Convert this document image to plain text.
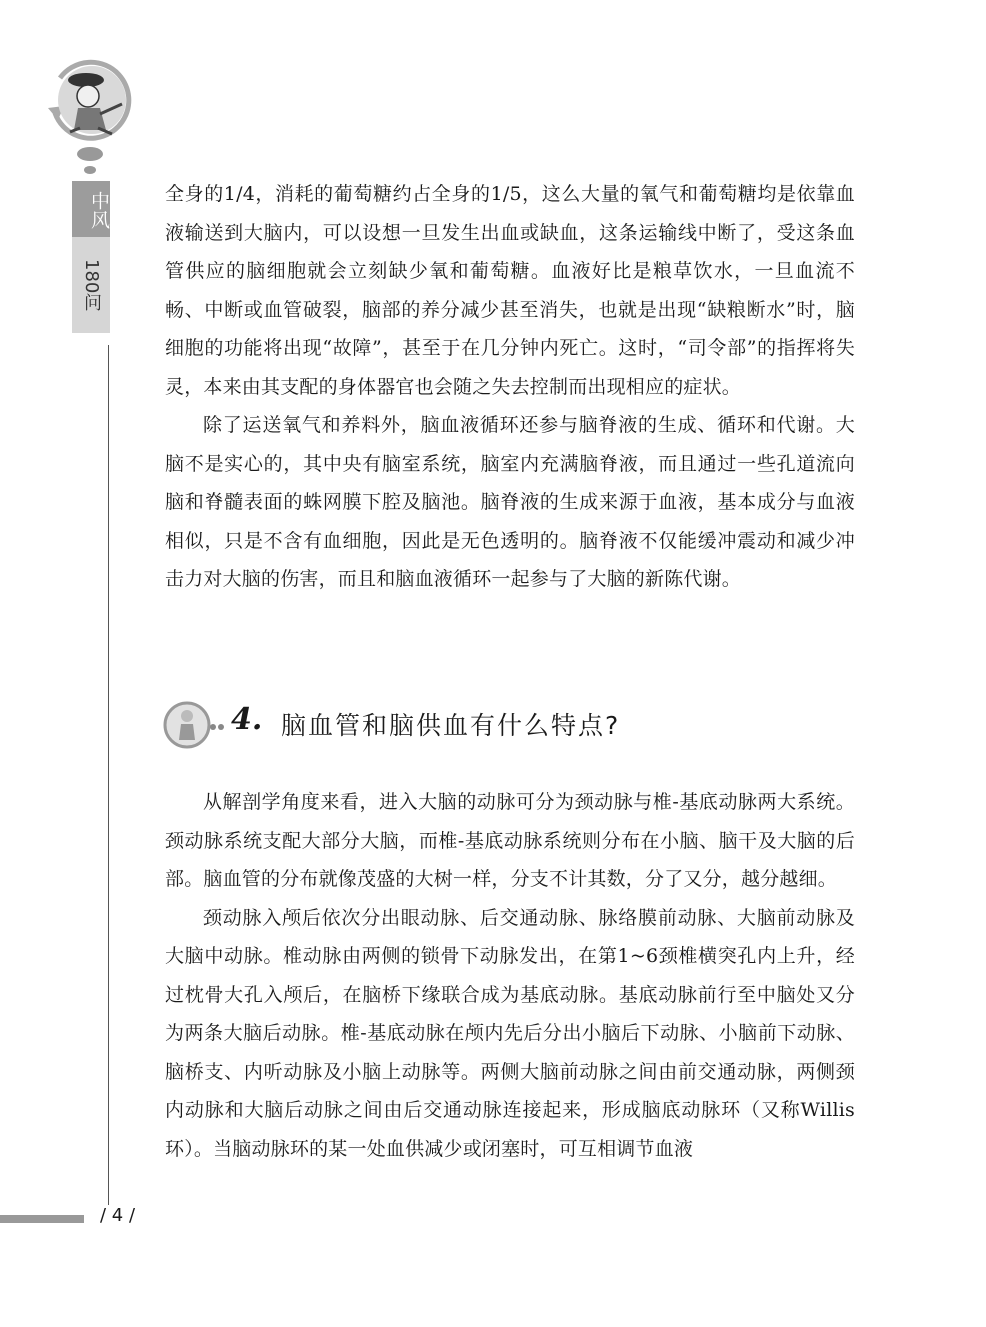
中风
180问

全身的1/4，消耗的葡萄糖约占全身的1/5，这么大量的氧气和葡萄糖均是依靠血液输送到大脑内，可以设想一旦发生出血或缺血，这条运输线中断了，受这条血管供应的脑细胞就会立刻缺少氧和葡萄糖。血液好比是粮草饮水，一旦血流不畅、中断或血管破裂，脑部的养分减少甚至消失，也就是出现“缺粮断水”时，脑细胞的功能将出现“故障”，甚至于在几分钟内死亡。这时，“司令部”的指挥将失灵，本来由其支配的身体器官也会随之失去控制而出现相应的症状。

除了运送氧气和养料外，脑血液循环还参与脑脊液的生成、循环和代谢。大脑不是实心的，其中央有脑室系统，脑室内充满脑脊液，而且通过一些孔道流向脑和脊髓表面的蛛网膜下腔及脑池。脑脊液的生成来源于血液，基本成分与血液相似，只是不含有血细胞，因此是无色透明的。脑脊液不仅能缓冲震动和减少冲击力对大脑的伤害，而且和脑血液循环一起参与了大脑的新陈代谢。

4. 脑血管和脑供血有什么特点?

从解剖学角度来看，进入大脑的动脉可分为颈动脉与椎-基底动脉两大系统。颈动脉系统支配大部分大脑，而椎-基底动脉系统则分布在小脑、脑干及大脑的后部。脑血管的分布就像茂盛的大树一样，分支不计其数，分了又分，越分越细。

颈动脉入颅后依次分出眼动脉、后交通动脉、脉络膜前动脉、大脑前动脉及大脑中动脉。椎动脉由两侧的锁骨下动脉发出，在第1~6颈椎横突孔内上升，经过枕骨大孔入颅后，在脑桥下缘联合成为基底动脉。基底动脉前行至中脑处又分为两条大脑后动脉。椎-基底动脉在颅内先后分出小脑后下动脉、小脑前下动脉、脑桥支、内听动脉及小脑上动脉等。两侧大脑前动脉之间由前交通动脉，两侧颈内动脉和大脑后动脉之间由后交通动脉连接起来，形成脑底动脉环（又称Willis环）。当脑动脉环的某一处血供减少或闭塞时，可互相调节血液

/ 4 /
